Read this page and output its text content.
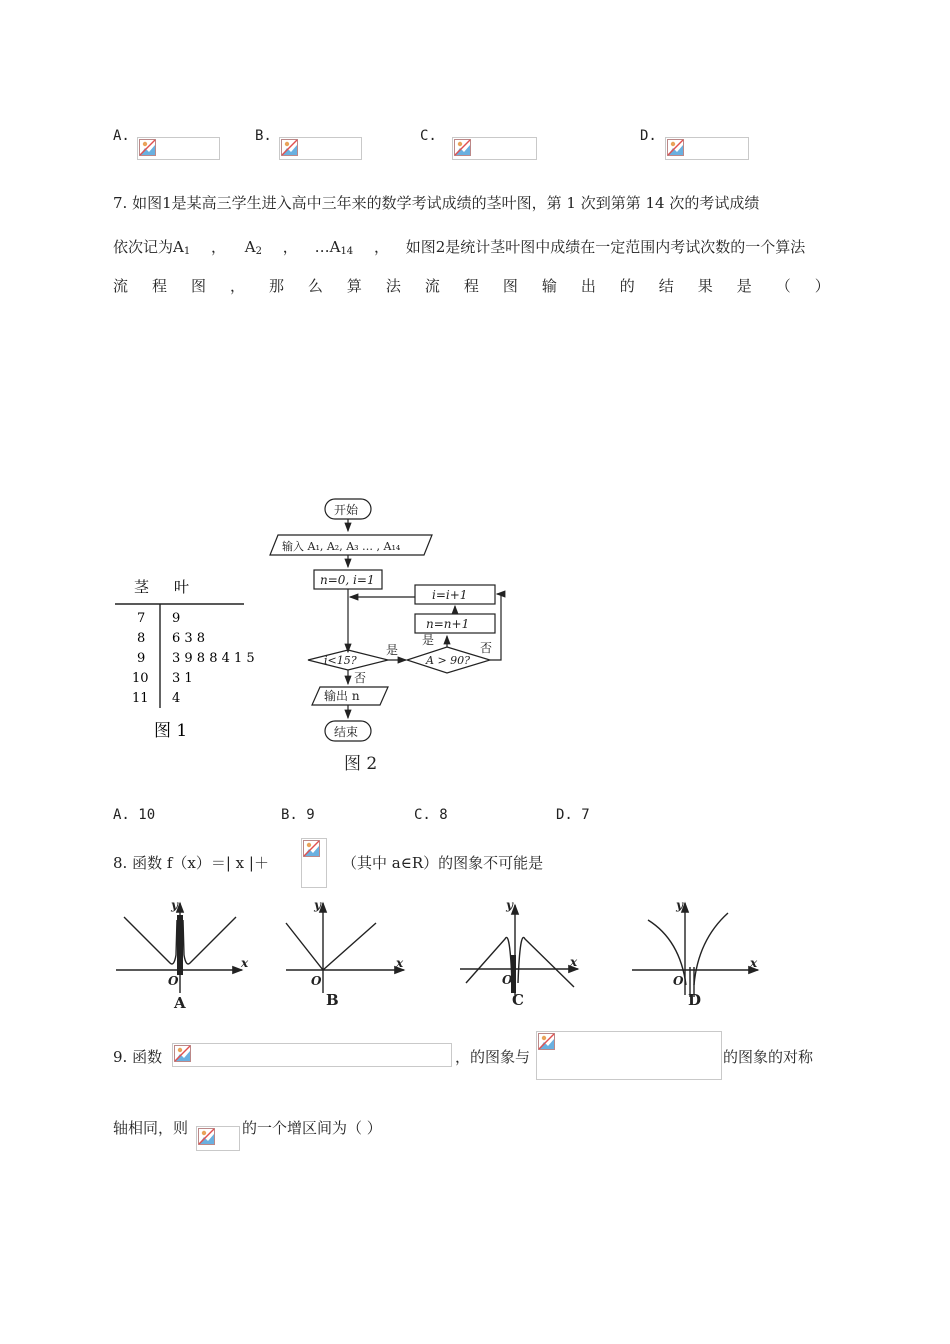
A.	B.	C.	D.
7. 如图1是某高三学生进入高中三年来的数学考试成绩的茎叶图，第 1 次到第第 14 次的考试成绩
依次记为$A_1$ ， $A_2$ ， $\dots A_{14}$ ， 如图2是统计茎叶图中成绩在一定范围内考试次数的一个算法
流 程 图 ， 那 么 算 法 流 程 图 输 出 的 结 果 是 （ ）
茎 叶
7 9
8 6 3 8
9 3 9 8 8 4 1 5
10 3 1
11 4
图 1
开始
输入 A₁, A₂, A₃ … , A₁₄
n=0, i=1
i=i+1
n=n+1
i<15?	A > 90?
是
是
否
否
输出 n
结束
图 2
A. 10	B. 9	C. 8	D. 7
8. 函数 f（x）＝| x |＋	（其中 a∈R）的图象不可能是
x
y
O
x
y
O
x
y
O
x
y
O
A	B	C	D
9. 函数	，的图象与	的图象的对称
轴相同，则	的一个增区间为（ ）
